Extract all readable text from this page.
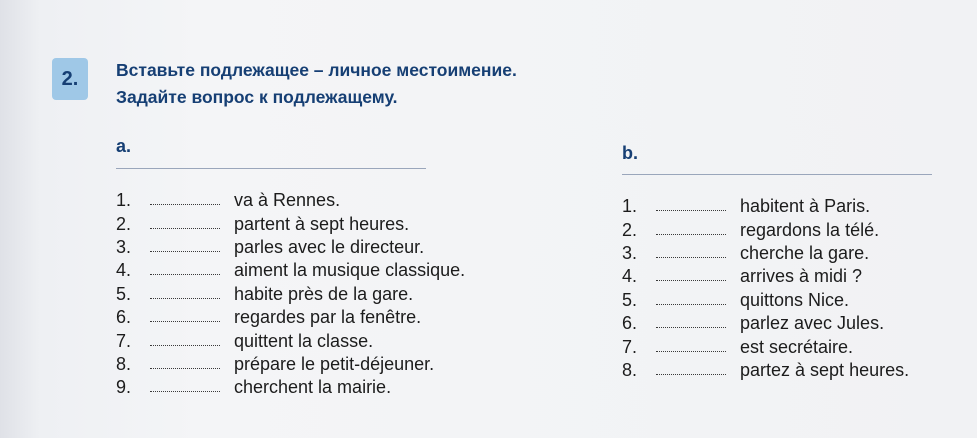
2.	Вставьте подлежащее – личное местоимение.
Задайте вопрос к подлежащему.
a.	b.
1.	va à Rennes.
2.	partent à sept heures.
3.	parles avec le directeur.
4.	aiment la musique classique.
5.	habite près de la gare.
6.	regardes par la fenêtre.
7.	quittent la classe.
8.	prépare le petit-déjeuner.
9.	cherchent la mairie.
1.	habitent à Paris.
2.	regardons la télé.
3.	cherche la gare.
4.	arrives à midi ?
5.	quittons Nice.
6.	parlez avec Jules.
7.	est secrétaire.
8.	partez à sept heures.
